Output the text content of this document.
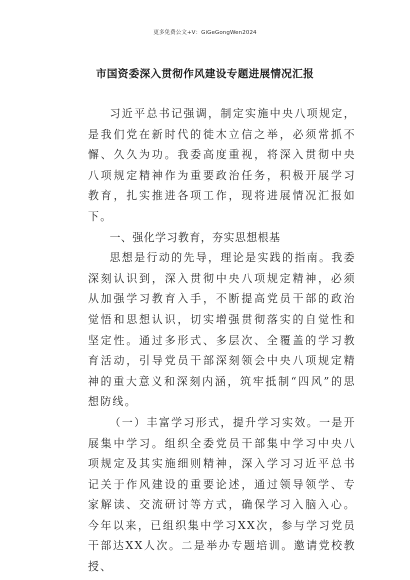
更多免费公文+V：GiGeGongWen2024
市国资委深入贯彻作风建设专题进展情况汇报

习近平总书记强调，制定实施中央八项规定，是我们党在新时代的徙木立信之举，必须常抓不懈、久久为功。我委高度重视，将深入贯彻中央八项规定精神作为重要政治任务，积极开展学习教育，扎实推进各项工作，现将进展情况汇报如下。

一、强化学习教育，夯实思想根基

思想是行动的先导，理论是实践的指南。我委深刻认识到，深入贯彻中央八项规定精神，必须从加强学习教育入手，不断提高党员干部的政治觉悟和思想认识，切实增强贯彻落实的自觉性和坚定性。通过多形式、多层次、全覆盖的学习教育活动，引导党员干部深刻领会中央八项规定精神的重大意义和深刻内涵，筑牢抵制“四风”的思想防线。

（一）丰富学习形式，提升学习实效。一是开展集中学习。组织全委党员干部集中学习中央八项规定及其实施细则精神，深入学习习近平总书记关于作风建设的重要论述，通过领导领学、专家解读、交流研讨等方式，确保学习入脑入心。今年以来，已组织集中学习XX次，参与学习党员干部达XX人次。二是举办专题培训。邀请党校教授、
